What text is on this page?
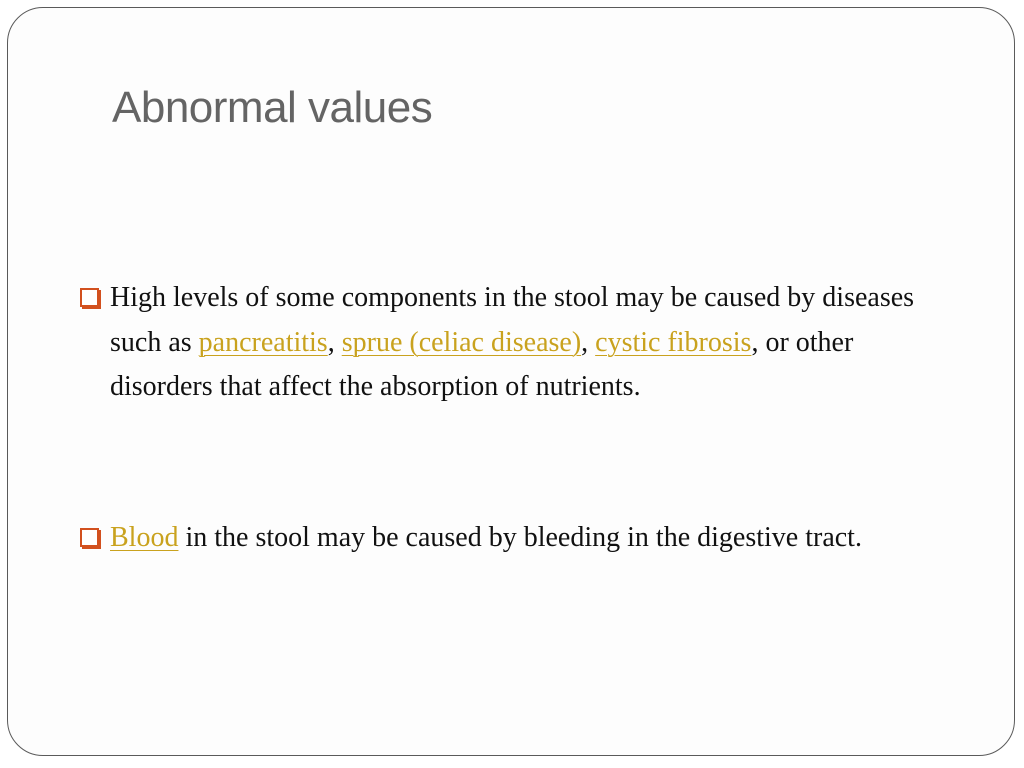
Abnormal values
High levels of some components in the stool may be caused by diseases such as pancreatitis, sprue (celiac disease), cystic fibrosis, or other disorders that affect the absorption of nutrients.
Blood in the stool may be caused by bleeding in the digestive tract.
